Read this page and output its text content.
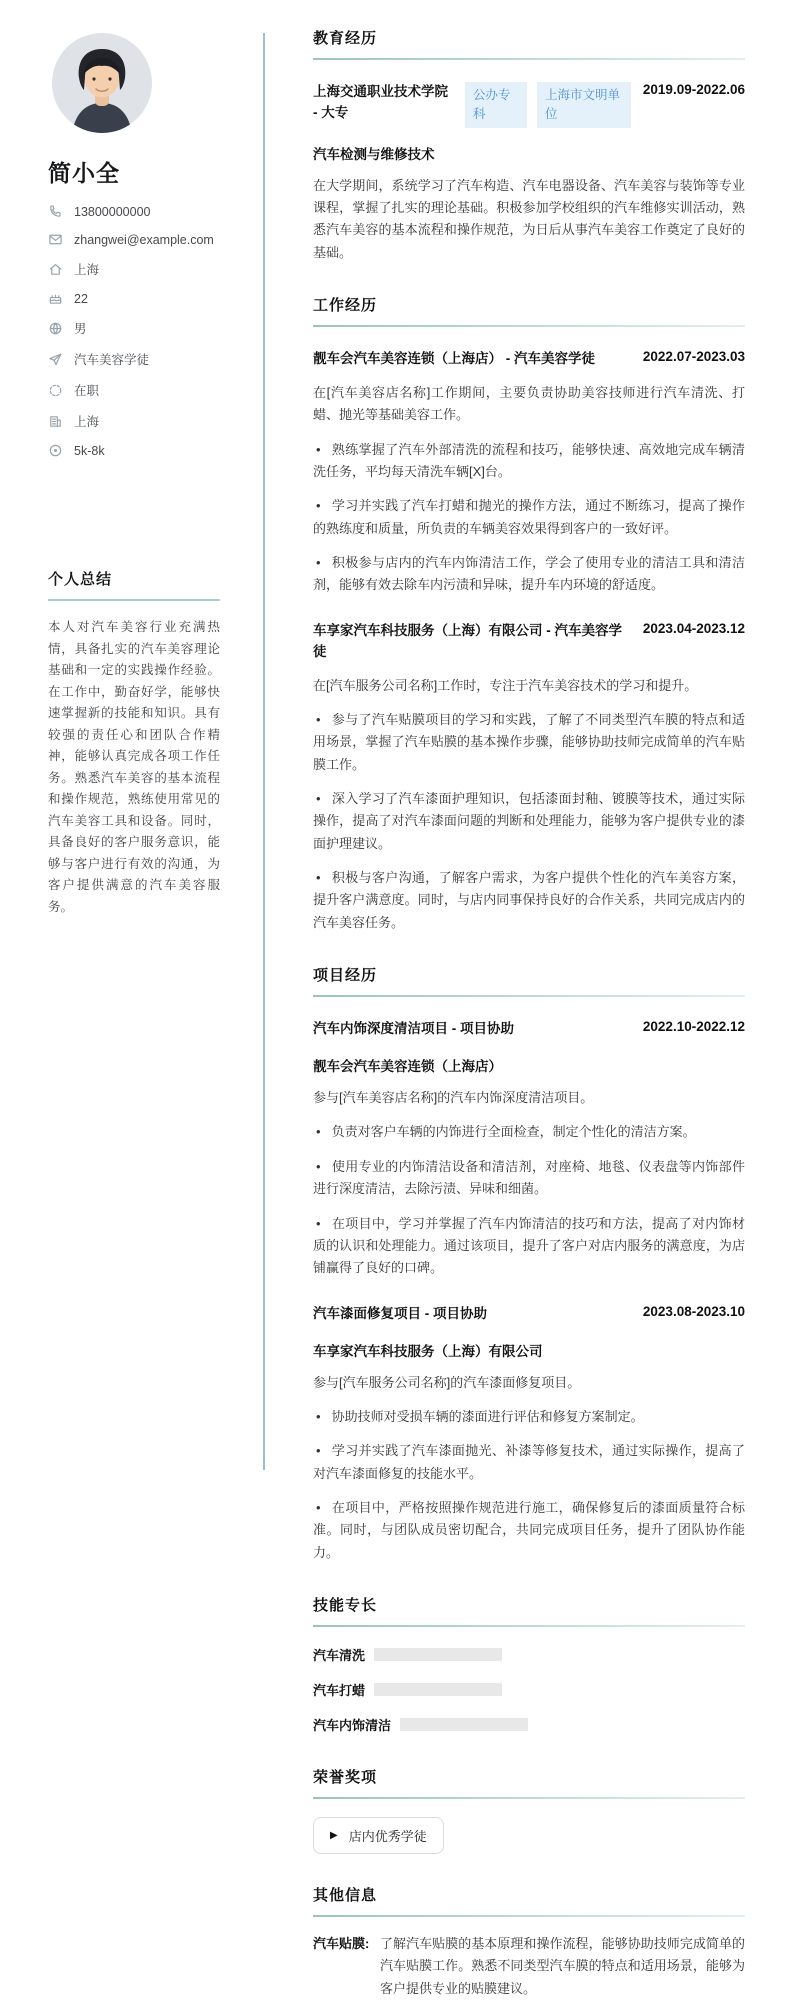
简小全
13800000000
zhangwei@example.com
上海
22
男
汽车美容学徒
在职
上海
5k-8k
个人总结
本人对汽车美容行业充满热情，具备扎实的汽车美容理论基础和一定的实践操作经验。在工作中，勤奋好学，能够快速掌握新的技能和知识。具有较强的责任心和团队合作精神，能够认真完成各项工作任务。熟悉汽车美容的基本流程和操作规范，熟练使用常见的汽车美容工具和设备。同时，具备良好的客户服务意识，能够与客户进行有效的沟通，为客户提供满意的汽车美容服务。
教育经历
上海交通职业技术学院 - 大专
公办专科
上海市文明单位
2019.09-2022.06
汽车检测与维修技术
在大学期间，系统学习了汽车构造、汽车电器设备、汽车美容与装饰等专业课程，掌握了扎实的理论基础。积极参加学校组织的汽车维修实训活动，熟悉汽车美容的基本流程和操作规范，为日后从事汽车美容工作奠定了良好的基础。
工作经历
靓车会汽车美容连锁（上海店） - 汽车美容学徒	2022.07-2023.03
在[汽车美容店名称]工作期间，主要负责协助美容技师进行汽车清洗、打蜡、抛光等基础美容工作。
• 熟练掌握了汽车外部清洗的流程和技巧，能够快速、高效地完成车辆清洗任务，平均每天清洗车辆[X]台。
• 学习并实践了汽车打蜡和抛光的操作方法，通过不断练习，提高了操作的熟练度和质量，所负责的车辆美容效果得到客户的一致好评。
• 积极参与店内的汽车内饰清洁工作，学会了使用专业的清洁工具和清洁剂，能够有效去除车内污渍和异味，提升车内环境的舒适度。
车享家汽车科技服务（上海）有限公司 - 汽车美容学徒
2023.04-2023.12
在[汽车服务公司名称]工作时，专注于汽车美容技术的学习和提升。
• 参与了汽车贴膜项目的学习和实践，了解了不同类型汽车膜的特点和适用场景，掌握了汽车贴膜的基本操作步骤，能够协助技师完成简单的汽车贴膜工作。
• 深入学习了汽车漆面护理知识，包括漆面封釉、镀膜等技术，通过实际操作，提高了对汽车漆面问题的判断和处理能力，能够为客户提供专业的漆面护理建议。
• 积极与客户沟通，了解客户需求，为客户提供个性化的汽车美容方案，提升客户满意度。同时，与店内同事保持良好的合作关系，共同完成店内的汽车美容任务。
项目经历
汽车内饰深度清洁项目 - 项目协助	2022.10-2022.12
靓车会汽车美容连锁（上海店）
参与[汽车美容店名称]的汽车内饰深度清洁项目。
• 负责对客户车辆的内饰进行全面检查，制定个性化的清洁方案。
• 使用专业的内饰清洁设备和清洁剂，对座椅、地毯、仪表盘等内饰部件进行深度清洁，去除污渍、异味和细菌。
• 在项目中，学习并掌握了汽车内饰清洁的技巧和方法，提高了对内饰材质的认识和处理能力。通过该项目，提升了客户对店内服务的满意度，为店铺赢得了良好的口碑。
汽车漆面修复项目 - 项目协助	2023.08-2023.10
车享家汽车科技服务（上海）有限公司
参与[汽车服务公司名称]的汽车漆面修复项目。
• 协助技师对受损车辆的漆面进行评估和修复方案制定。
• 学习并实践了汽车漆面抛光、补漆等修复技术，通过实际操作，提高了对汽车漆面修复的技能水平。
• 在项目中，严格按照操作规范进行施工，确保修复后的漆面质量符合标准。同时，与团队成员密切配合，共同完成项目任务，提升了团队协作能力。
技能专长
汽车清洗
汽车打蜡
汽车内饰清洁
荣誉奖项
▶ 店内优秀学徒
其他信息
汽车贴膜: 了解汽车贴膜的基本原理和操作流程，能够协助技师完成简单的汽车贴膜工作。熟悉不同类型汽车膜的特点和适用场景，能够为客户提供专业的贴膜建议。
